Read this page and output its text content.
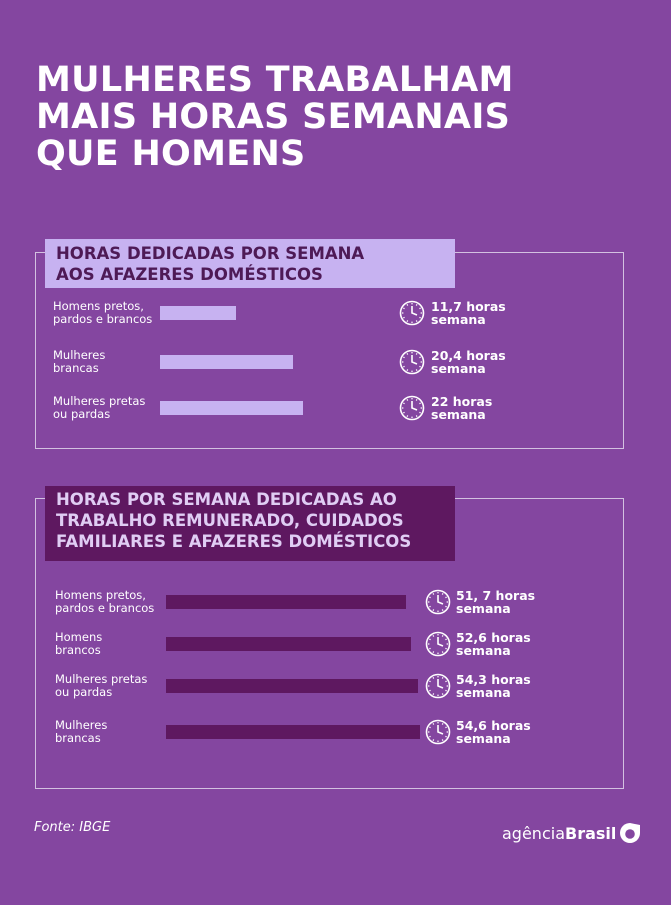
MULHERES TRABALHAM
MAIS HORAS SEMANAIS
QUE HOMENS
HORAS DEDICADAS POR SEMANA
AOS AFAZERES DOMÉSTICOS
HORAS POR SEMANA DEDICADAS AO
TRABALHO REMUNERADO, CUIDADOS
FAMILIARES E AFAZERES DOMÉSTICOS
Homens pretos,
pardos e brancos
11,7 horas
semana
Mulheres
brancas
20,4 horas
semana
Mulheres pretas
ou pardas
22 horas
semana
Homens pretos,
pardos e brancos
51, 7 horas
semana
Homens
brancos
52,6 horas
semana
Mulheres pretas
ou pardas
54,3 horas
semana
Mulheres
brancas
54,6 horas
semana
Fonte: IBGE	agência Brasil
